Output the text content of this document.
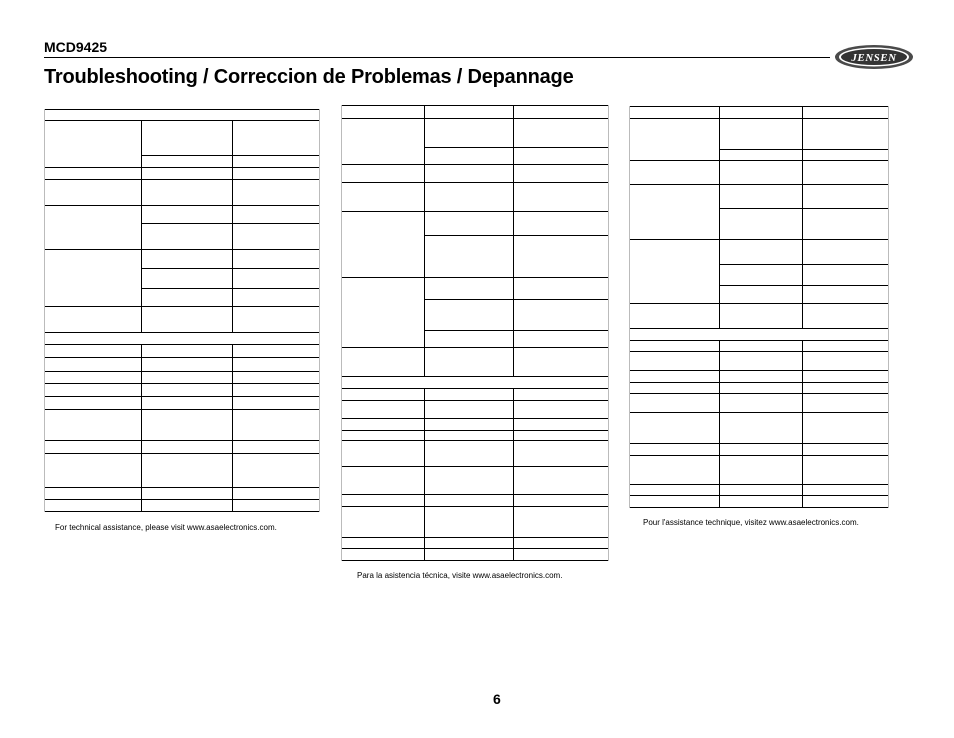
MCD9425
JENSEN
Troubleshooting / Correccion de Problemas / Depannage
For technical assistance, please visit www.asaelectronics.com.
Para la asistencia técnica, visite www.asaelectronics.com.
Pour l'assistance technique, visitez www.asaelectronics.com.
6
